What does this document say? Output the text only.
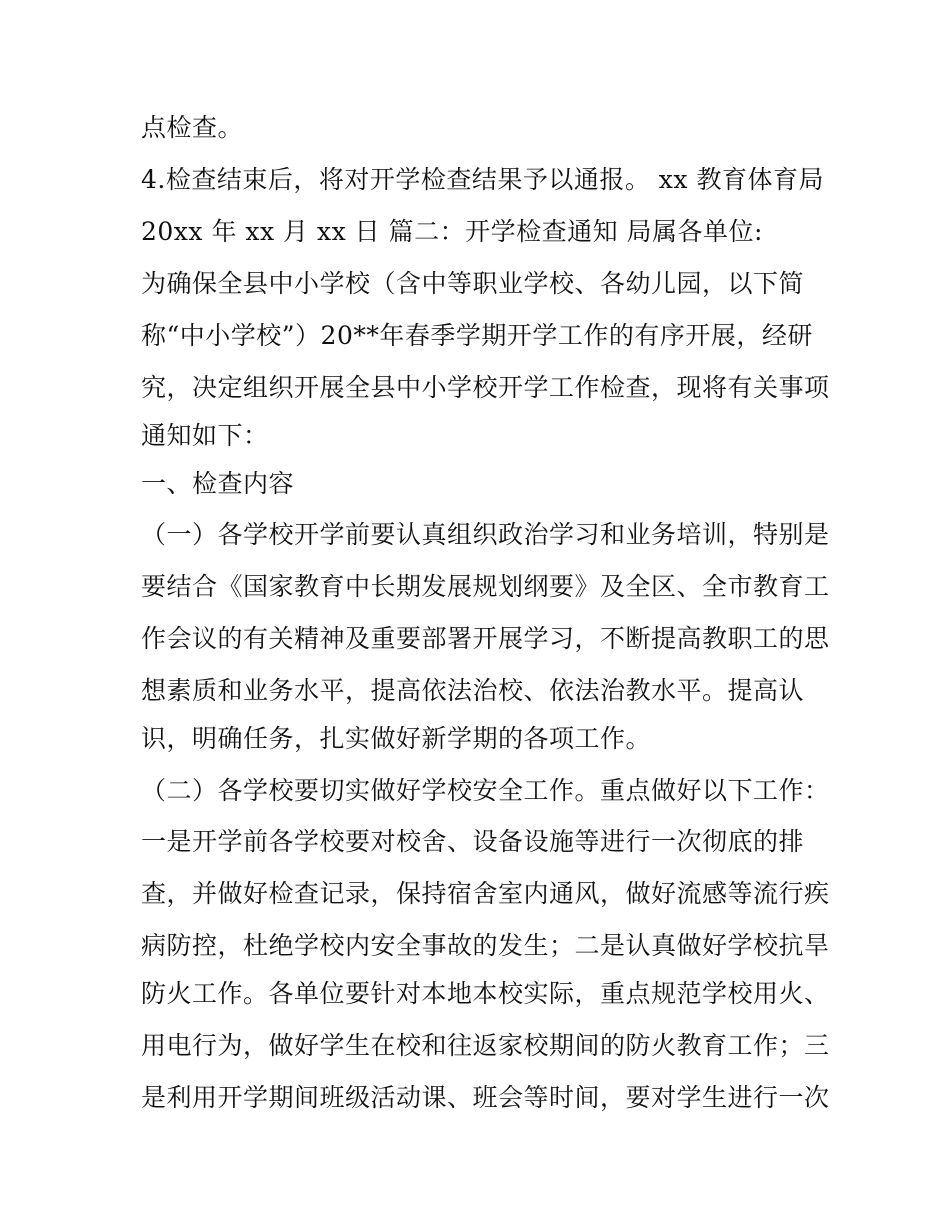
点检查。
4.检查结束后，将对开学检查结果予以通报。 xx 教育体育局
20xx 年 xx 月 xx 日 篇二：开学检查通知 局属各单位:
为确保全县中小学校（含中等职业学校、各幼儿园，以下简
称“中小学校”）20**年春季学期开学工作的有序开展，经研
究，决定组织开展全县中小学校开学工作检查，现将有关事项
通知如下：
一、检查内容
（一）各学校开学前要认真组织政治学习和业务培训，特别是
要结合《国家教育中长期发展规划纲要》及全区、全市教育工
作会议的有关精神及重要部署开展学习，不断提高教职工的思
想素质和业务水平，提高依法治校、依法治教水平。提高认
识，明确任务，扎实做好新学期的各项工作。
（二）各学校要切实做好学校安全工作。重点做好以下工作：
一是开学前各学校要对校舍、设备设施等进行一次彻底的排
查，并做好检查记录，保持宿舍室内通风，做好流感等流行疾
病防控，杜绝学校内安全事故的发生；二是认真做好学校抗旱
防火工作。各单位要针对本地本校实际，重点规范学校用火、
用电行为，做好学生在校和往返家校期间的防火教育工作；三
是利用开学期间班级活动课、班会等时间，要对学生进行一次
